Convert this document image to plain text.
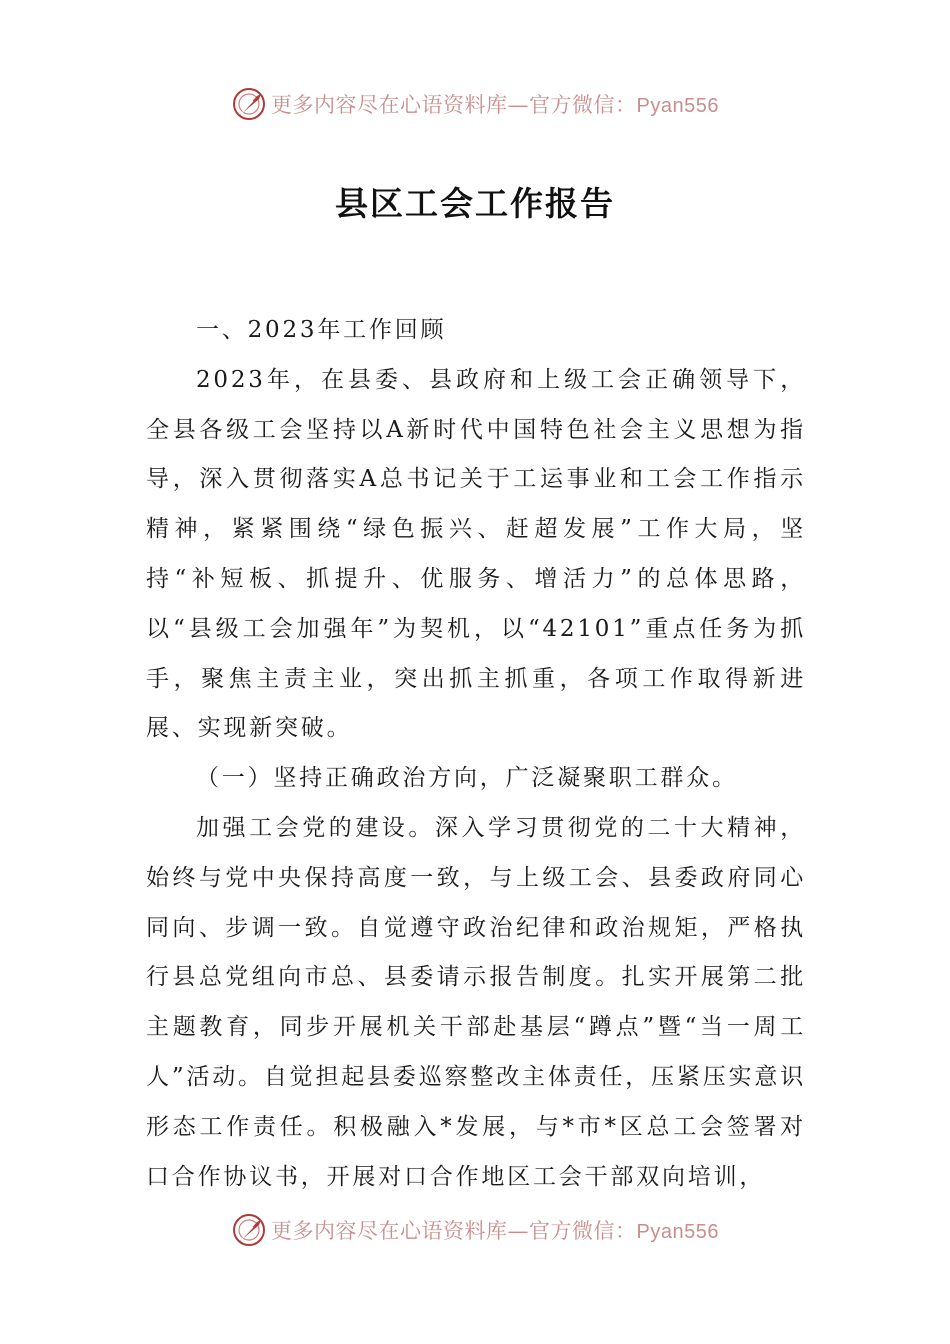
更多内容尽在心语资料库—官方微信：Pyan556
县区工会工作报告

一、2023年工作回顾

2023年，在县委、县政府和上级工会正确领导下，全县各级工会坚持以A新时代中国特色社会主义思想为指导，深入贯彻落实A总书记关于工运事业和工会工作指示精神，紧紧围绕“绿色振兴、赶超发展”工作大局，坚持“补短板、抓提升、优服务、增活力”的总体思路，以“县级工会加强年”为契机，以“42101”重点任务为抓手，聚焦主责主业，突出抓主抓重，各项工作取得新进展、实现新突破。

（一）坚持正确政治方向，广泛凝聚职工群众。

加强工会党的建设。深入学习贯彻党的二十大精神，始终与党中央保持高度一致，与上级工会、县委政府同心同向、步调一致。自觉遵守政治纪律和政治规矩，严格执行县总党组向市总、县委请示报告制度。扎实开展第二批主题教育，同步开展机关干部赴基层“蹲点”暨“当一周工人”活动。自觉担起县委巡察整改主体责任，压紧压实意识形态工作责任。积极融入*发展，与*市*区总工会签署对口合作协议书，开展对口合作地区工会干部双向培训，

更多内容尽在心语资料库—官方微信：Pyan556
